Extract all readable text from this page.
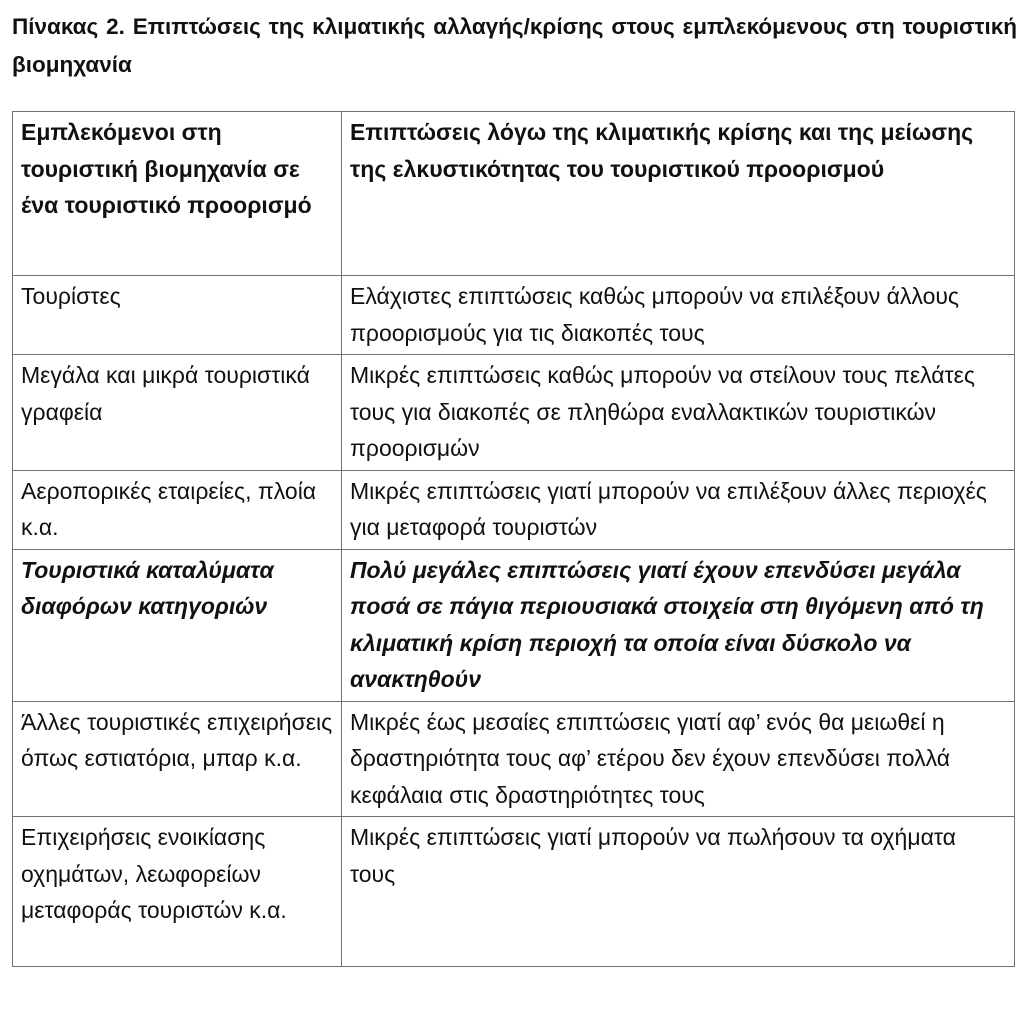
Πίνακας 2. Επιπτώσεις της κλιματικής αλλαγής/κρίσης στους εμπλεκόμενους στη τουριστική βιομηχανία
Εμπλεκόμενοι στη τουριστική βιομηχανία σε ένα τουριστικό προορισμό	Επιπτώσεις λόγω της κλιματικής κρίσης και της μείωσης της ελκυστικότητας του τουριστικού προορισμού
Τουρίστες	Ελάχιστες επιπτώσεις καθώς μπορούν να επιλέξουν άλλους προορισμούς για τις διακοπές τους
Μεγάλα και μικρά τουριστικά γραφεία	Μικρές επιπτώσεις καθώς μπορούν να στείλουν τους πελάτες τους για διακοπές σε πληθώρα εναλλακτικών τουριστικών προορισμών
Αεροπορικές εταιρείες, πλοία κ.α.	Μικρές επιπτώσεις γιατί μπορούν να επιλέξουν άλλες περιοχές για μεταφορά τουριστών
Τουριστικά καταλύματα διαφόρων κατηγοριών	Πολύ μεγάλες επιπτώσεις γιατί έχουν επενδύσει μεγάλα ποσά σε πάγια περιουσιακά στοιχεία στη θιγόμενη από τη κλιματική κρίση περιοχή τα οποία είναι δύσκολο να ανακτηθούν
Άλλες τουριστικές επιχειρήσεις όπως εστιατόρια, μπαρ κ.α.	Μικρές έως μεσαίες επιπτώσεις γιατί αφ’ ενός θα μειωθεί η δραστηριότητα τους αφ’ ετέρου δεν έχουν επενδύσει πολλά κεφάλαια στις δραστηριότητες τους
Επιχειρήσεις ενοικίασης οχημάτων, λεωφορείων μεταφοράς τουριστών κ.α.	Μικρές επιπτώσεις γιατί μπορούν να πωλήσουν τα οχήματα τους
